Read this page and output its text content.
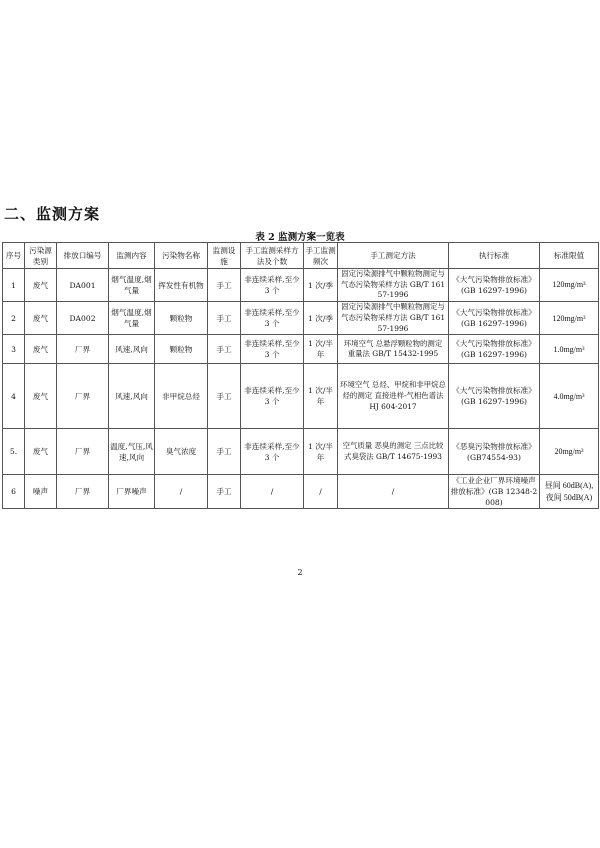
二、监测方案
表 2 监测方案一览表
序号	污染源类别	排放口编号	监测内容	污染物名称	监测设施	手工监测采样方法及个数	手工监测频次	手工测定方法	执行标准	标准限值
1	废气	DA001	烟气温度,烟气量	挥发性有机物	手工	非连续采样,至少 3 个	1 次/季	固定污染源排气中颗粒物测定与气态污染物采样方法 GB/T 16157-1996	《大气污染物排放标准》(GB 16297-1996)	120mg/m³
2	废气	DA002	烟气温度,烟气量	颗粒物	手工	非连续采样,至少 3 个	1 次/季	固定污染源排气中颗粒物测定与气态污染物采样方法 GB/T 16157-1996	《大气污染物排放标准》(GB 16297-1996)	120mg/m³
3	废气	厂界	风速,风向	颗粒物	手工	非连续采样,至少 3 个	1 次/半年	环境空气 总悬浮颗粒物的测定 重量法 GB/T 15432-1995	《大气污染物排放标准》(GB 16297-1996)	1.0mg/m³
4	废气	厂界	风速,风向	非甲烷总烃	手工	非连续采样,至少 3 个	1 次/半年	环境空气 总烃、甲烷和非甲烷总烃的测定 直接进样-气相色谱法 HJ 604-2017	《大气污染物排放标准》(GB 16297-1996)	4.0mg/m³
5.	废气	厂界	温度,气压,风速,风向	臭气浓度	手工	非连续采样,至少 3 个	1 次/半年	空气质量 恶臭的测定 三点比较式臭袋法 GB/T 14675-1993	《恶臭污染物排放标准》(GB74554-93)	20mg/m³
6	噪声	厂界	厂界噪声	/	手工	/	/	/	《工业企业厂界环境噪声排放标准》(GB 12348-2008)	昼间 60dB(A),夜间 50dB(A)
2
